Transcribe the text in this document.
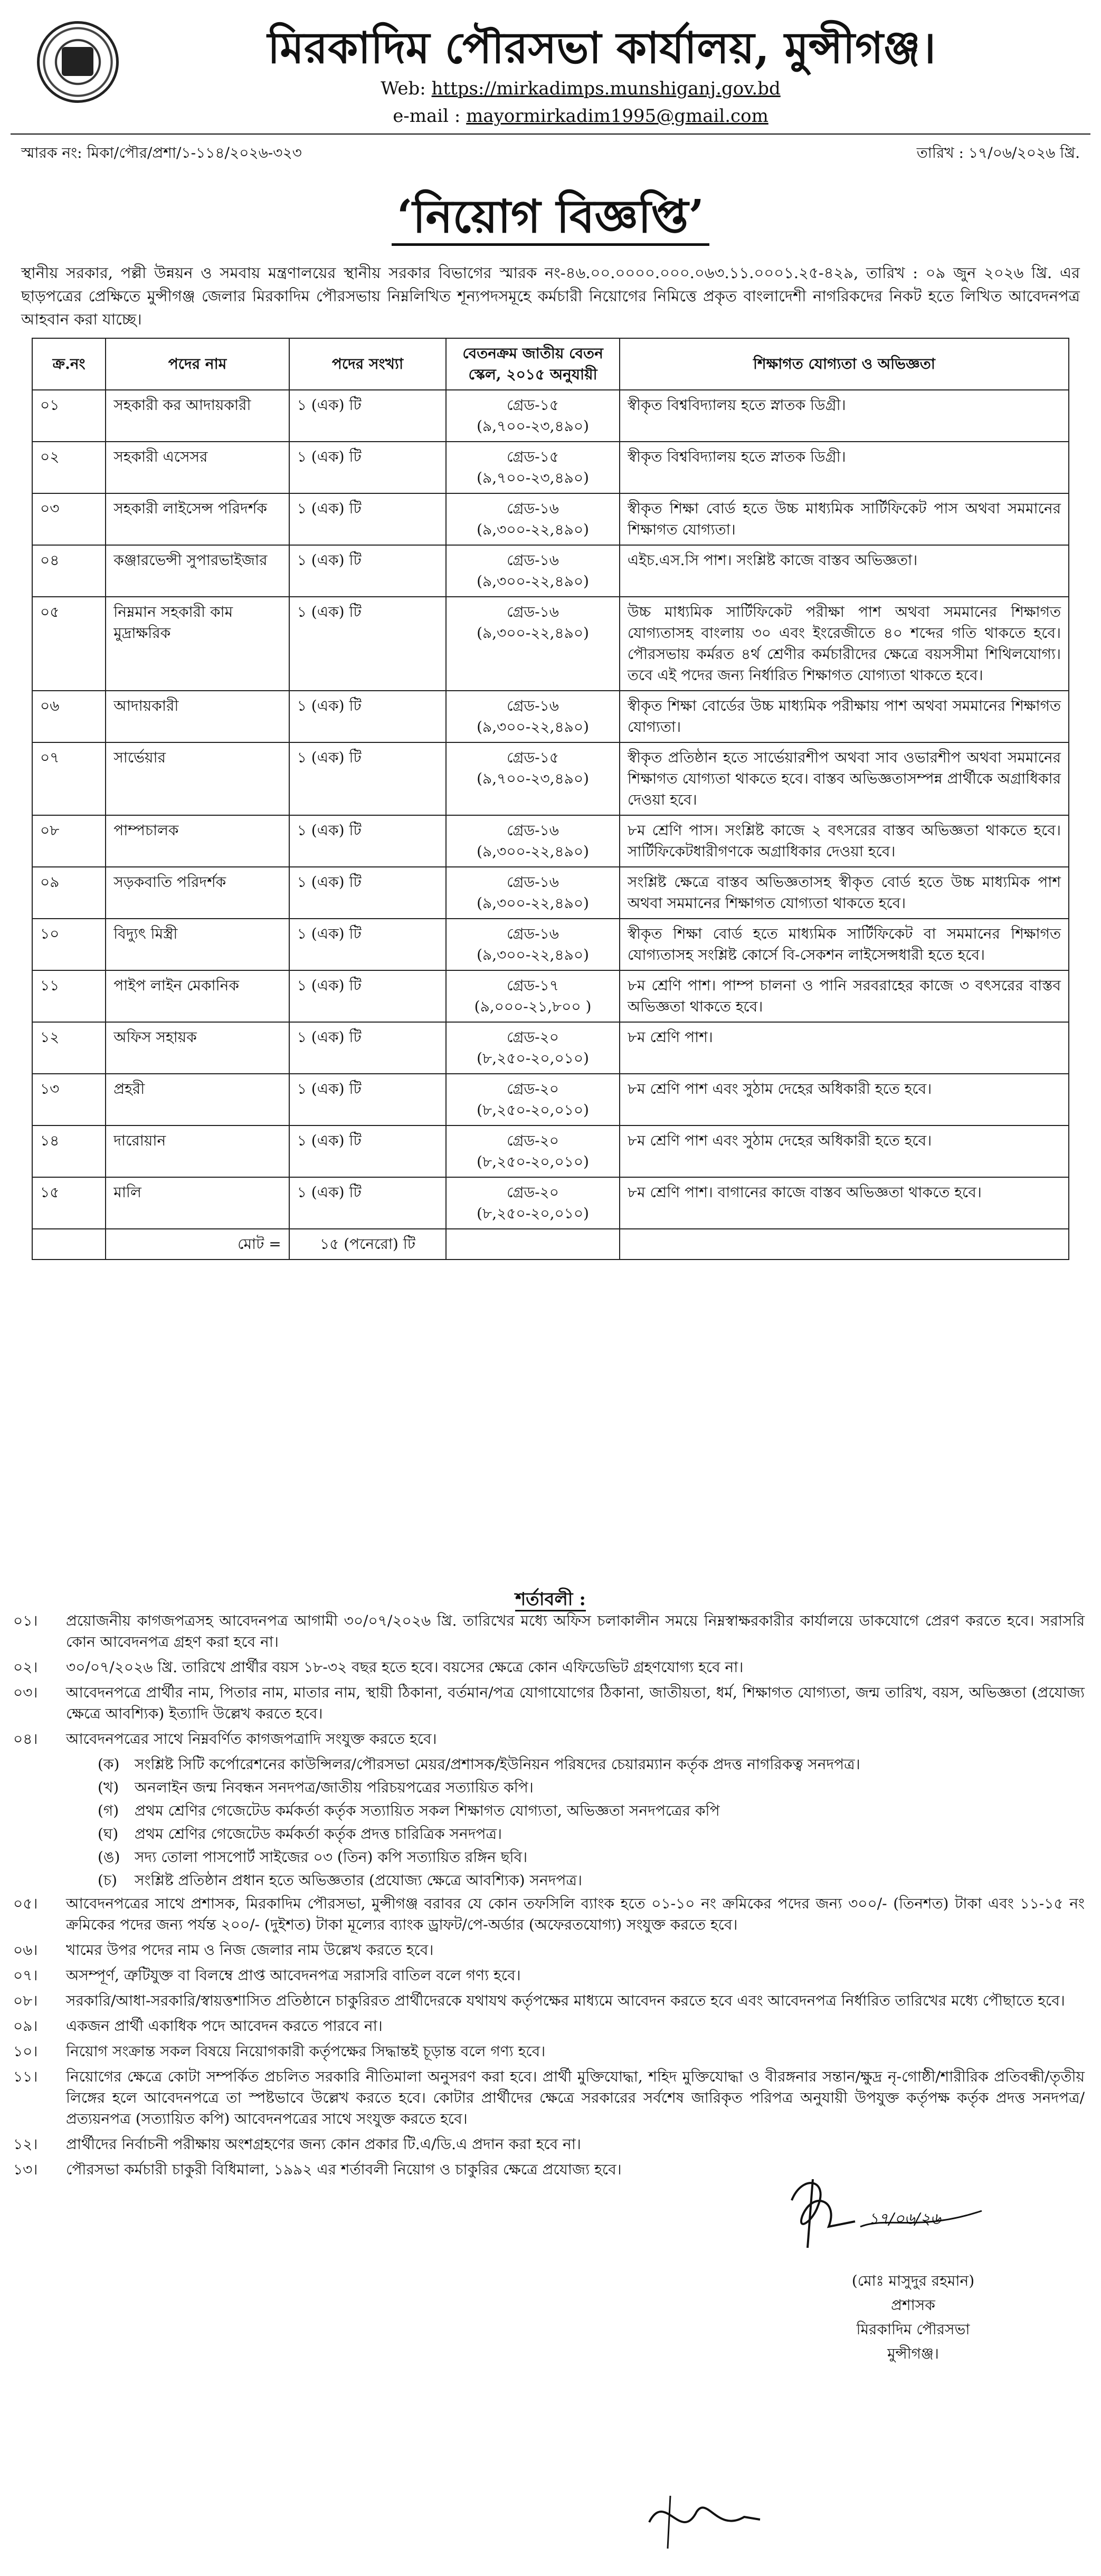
মিরকাদিম পৌরসভা কার্যালয়, মুন্সীগঞ্জ।
Web: https://mirkadimps.munshiganj.gov.bd
e-mail : mayormirkadim1995@gmail.com
স্মারক নং: মিকা/পৌর/প্রশা/১-১১৪/২০২৬-৩২৩	তারিখ : ১৭/০৬/২০২৬ খ্রি.
‘নিয়োগ বিজ্ঞপ্তি’
স্থানীয় সরকার, পল্লী উন্নয়ন ও সমবায় মন্ত্রণালয়ের স্থানীয় সরকার বিভাগের স্মারক নং-৪৬.০০.০০০০.০০০.০৬৩.১১.০০০১.২৫-৪২৯, তারিখ : ০৯ জুন ২০২৬ খ্রি. এর ছাড়পত্রের প্রেক্ষিতে মুন্সীগঞ্জ জেলার মিরকাদিম পৌরসভায় নিম্নলিখিত শূন্যপদসমূহে কর্মচারী নিয়োগের নিমিত্তে প্রকৃত বাংলাদেশী নাগরিকদের নিকট হতে লিখিত আবেদনপত্র আহবান করা যাচ্ছে।
ক্র.নং	পদের নাম	পদের সংখ্যা	বেতনক্রম জাতীয় বেতন স্কেল, ২০১৫ অনুযায়ী	শিক্ষাগত যোগ্যতা ও অভিজ্ঞতা
০১	সহকারী কর আদায়কারী	১ (এক) টি	গ্রেড-১৫ (৯,৭০০-২৩,৪৯০)	স্বীকৃত বিশ্ববিদ্যালয় হতে স্নাতক ডিগ্রী।
০২	সহকারী এসেসর	১ (এক) টি	গ্রেড-১৫ (৯,৭০০-২৩,৪৯০)	স্বীকৃত বিশ্ববিদ্যালয় হতে স্নাতক ডিগ্রী।
০৩	সহকারী লাইসেন্স পরিদর্শক	১ (এক) টি	গ্রেড-১৬ (৯,৩০০-২২,৪৯০)	স্বীকৃত শিক্ষা বোর্ড হতে উচ্চ মাধ্যমিক সার্টিফিকেট পাস অথবা সমমানের শিক্ষাগত যোগ্যতা।
০৪	কঞ্জারভেন্সী সুপারভাইজার	১ (এক) টি	গ্রেড-১৬ (৯,৩০০-২২,৪৯০)	এইচ.এস.সি পাশ। সংশ্লিষ্ট কাজে বাস্তব অভিজ্ঞতা।
০৫	নিম্নমান সহকারী কাম মুদ্রাক্ষরিক	১ (এক) টি	গ্রেড-১৬ (৯,৩০০-২২,৪৯০)	উচ্চ মাধ্যমিক সার্টিফিকেট পরীক্ষা পাশ অথবা সমমানের শিক্ষাগত যোগ্যতাসহ বাংলায় ৩০ এবং ইংরেজীতে ৪০ শব্দের গতি থাকতে হবে। পৌরসভায় কর্মরত ৪র্থ শ্রেণীর কর্মচারীদের ক্ষেত্রে বয়সসীমা শিথিলযোগ্য। তবে এই পদের জন্য নির্ধারিত শিক্ষাগত যোগ্যতা থাকতে হবে।
০৬	আদায়কারী	১ (এক) টি	গ্রেড-১৬ (৯,৩০০-২২,৪৯০)	স্বীকৃত শিক্ষা বোর্ডের উচ্চ মাধ্যমিক পরীক্ষায় পাশ অথবা সমমানের শিক্ষাগত যোগ্যতা।
০৭	সার্ভেয়ার	১ (এক) টি	গ্রেড-১৫ (৯,৭০০-২৩,৪৯০)	স্বীকৃত প্রতিষ্ঠান হতে সার্ভেয়ারশীপ অথবা সাব ওভারশীপ অথবা সমমানের শিক্ষাগত যোগ্যতা থাকতে হবে। বাস্তব অভিজ্ঞতাসম্পন্ন প্রার্থীকে অগ্রাধিকার দেওয়া হবে।
০৮	পাম্পচালক	১ (এক) টি	গ্রেড-১৬ (৯,৩০০-২২,৪৯০)	৮ম শ্রেণি পাস। সংশ্লিষ্ট কাজে ২ বৎসরের বাস্তব অভিজ্ঞতা থাকতে হবে। সার্টিফিকেটধারীগণকে অগ্রাধিকার দেওয়া হবে।
০৯	সড়কবাতি পরিদর্শক	১ (এক) টি	গ্রেড-১৬ (৯,৩০০-২২,৪৯০)	সংশ্লিষ্ট ক্ষেত্রে বাস্তব অভিজ্ঞতাসহ স্বীকৃত বোর্ড হতে উচ্চ মাধ্যমিক পাশ অথবা সমমানের শিক্ষাগত যোগ্যতা থাকতে হবে।
১০	বিদ্যুৎ মিস্ত্রী	১ (এক) টি	গ্রেড-১৬ (৯,৩০০-২২,৪৯০)	স্বীকৃত শিক্ষা বোর্ড হতে মাধ্যমিক সার্টিফিকেট বা সমমানের শিক্ষাগত যোগ্যতাসহ সংশ্লিষ্ট কোর্সে বি-সেকশন লাইসেন্সধারী হতে হবে।
১১	পাইপ লাইন মেকানিক	১ (এক) টি	গ্রেড-১৭ (৯,০০০-২১,৮০০ )	৮ম শ্রেণি পাশ। পাম্প চালনা ও পানি সরবরাহের কাজে ৩ বৎসরের বাস্তব অভিজ্ঞতা থাকতে হবে।
১২	অফিস সহায়ক	১ (এক) টি	গ্রেড-২০ (৮,২৫০-২০,০১০)	৮ম শ্রেণি পাশ।
১৩	প্রহরী	১ (এক) টি	গ্রেড-২০ (৮,২৫০-২০,০১০)	৮ম শ্রেণি পাশ এবং সুঠাম দেহের অধিকারী হতে হবে।
১৪	দারোয়ান	১ (এক) টি	গ্রেড-২০ (৮,২৫০-২০,০১০)	৮ম শ্রেণি পাশ এবং সুঠাম দেহের অধিকারী হতে হবে।
১৫	মালি	১ (এক) টি	গ্রেড-২০ (৮,২৫০-২০,০১০)	৮ম শ্রেণি পাশ। বাগানের কাজে বাস্তব অভিজ্ঞতা থাকতে হবে।
	মোট =	১৫ (পনেরো) টি		
শর্তাবলী :
০১।	প্রয়োজনীয় কাগজপত্রসহ আবেদনপত্র আগামী ৩০/০৭/২০২৬ খ্রি. তারিখের মধ্যে অফিস চলাকালীন সময়ে নিম্নস্বাক্ষরকারীর কার্যালয়ে ডাকযোগে প্রেরণ করতে হবে। সরাসরি কোন আবেদনপত্র গ্রহণ করা হবে না।
০২।	৩০/০৭/২০২৬ খ্রি. তারিখে প্রার্থীর বয়স ১৮-৩২ বছর হতে হবে। বয়সের ক্ষেত্রে কোন এফিডেভিট গ্রহণযোগ্য হবে না।
০৩।	আবেদনপত্রে প্রার্থীর নাম, পিতার নাম, মাতার নাম, স্থায়ী ঠিকানা, বর্তমান/পত্র যোগাযোগের ঠিকানা, জাতীয়তা, ধর্ম, শিক্ষাগত যোগ্যতা, জন্ম তারিখ, বয়স, অভিজ্ঞতা (প্রযোজ্য ক্ষেত্রে আবশ্যিক) ইত্যাদি উল্লেখ করতে হবে।
০৪।	আবেদনপত্রের সাথে নিম্নবর্ণিত কাগজপত্রাদি সংযুক্ত করতে হবে।
(ক)	সংশ্লিষ্ট সিটি কর্পোরেশনের কাউন্সিলর/পৌরসভা মেয়র/প্রশাসক/ইউনিয়ন পরিষদের চেয়ারম্যান কর্তৃক প্রদত্ত নাগরিকত্ব সনদপত্র।
(খ)	অনলাইন জন্ম নিবন্ধন সনদপত্র/জাতীয় পরিচয়পত্রের সত্যায়িত কপি।
(গ)	প্রথম শ্রেণির গেজেটেড কর্মকর্তা কর্তৃক সত্যায়িত সকল শিক্ষাগত যোগ্যতা, অভিজ্ঞতা সনদপত্রের কপি
(ঘ)	প্রথম শ্রেণির গেজেটেড কর্মকর্তা কর্তৃক প্রদত্ত চারিত্রিক সনদপত্র।
(ঙ) সদ্য তোলা পাসপোর্ট সাইজের ০৩ (তিন) কপি সত্যায়িত রঙ্গিন ছবি।
(চ)	সংশ্লিষ্ট প্রতিষ্ঠান প্রধান হতে অভিজ্ঞতার (প্রযোজ্য ক্ষেত্রে আবশ্যিক) সনদপত্র।
০৫।	আবেদনপত্রের সাথে প্রশাসক, মিরকাদিম পৌরসভা, মুন্সীগঞ্জ বরাবর যে কোন তফসিলি ব্যাংক হতে ০১-১০ নং ক্রমিকের পদের জন্য ৩০০/- (তিনশত) টাকা এবং ১১-১৫ নং ক্রমিকের পদের জন্য পর্যন্ত ২০০/- (দুইশত) টাকা মূল্যের ব্যাংক ড্রাফট/পে-অর্ডার (অফেরতযোগ্য) সংযুক্ত করতে হবে।
০৬।	খামের উপর পদের নাম ও নিজ জেলার নাম উল্লেখ করতে হবে।
০৭।	অসম্পূর্ণ, ত্রুটিযুক্ত বা বিলম্বে প্রাপ্ত আবেদনপত্র সরাসরি বাতিল বলে গণ্য হবে।
০৮।	সরকারি/আধা-সরকারি/স্বায়ত্তশাসিত প্রতিষ্ঠানে চাকুরিরত প্রার্থীদেরকে যথাযথ কর্তৃপক্ষের মাধ্যমে আবেদন করতে হবে এবং আবেদনপত্র নির্ধারিত তারিখের মধ্যে পৌছাতে হবে।
০৯।	একজন প্রার্থী একাধিক পদে আবেদন করতে পারবে না।
১০।	নিয়োগ সংক্রান্ত সকল বিষয়ে নিয়োগকারী কর্তৃপক্ষের সিদ্ধান্তই চূড়ান্ত বলে গণ্য হবে।
১১।	নিয়োগের ক্ষেত্রে কোটা সম্পর্কিত প্রচলিত সরকারি নীতিমালা অনুসরণ করা হবে। প্রার্থী মুক্তিযোদ্ধা, শহিদ মুক্তিযোদ্ধা ও বীরঙ্গনার সন্তান/ক্ষুদ্র নৃ-গোষ্ঠী/শারীরিক প্রতিবন্ধী/তৃতীয় লিঙ্গের হলে আবেদনপত্রে তা স্পষ্টভাবে উল্লেখ করতে হবে। কোটার প্রার্থীদের ক্ষেত্রে সরকারের সর্বশেষ জারিকৃত পরিপত্র অনুযায়ী উপযুক্ত কর্তৃপক্ষ কর্তৃক প্রদত্ত সনদপত্র/প্রত্যয়নপত্র (সত্যায়িত কপি) আবেদনপত্রের সাথে সংযুক্ত করতে হবে।
১২।	প্রার্থীদের নির্বাচনী পরীক্ষায় অংশগ্রহণের জন্য কোন প্রকার টি.এ/ডি.এ প্রদান করা হবে না।
১৩।	পৌরসভা কর্মচারী চাকুরী বিধিমালা, ১৯৯২ এর শর্তাবলী নিয়োগ ও চাকুরির ক্ষেত্রে প্রযোজ্য হবে।
১৭/০৬/২৬
(মোঃ মাসুদুর রহমান)
প্রশাসক
মিরকাদিম পৌরসভা
মুন্সীগঞ্জ।
